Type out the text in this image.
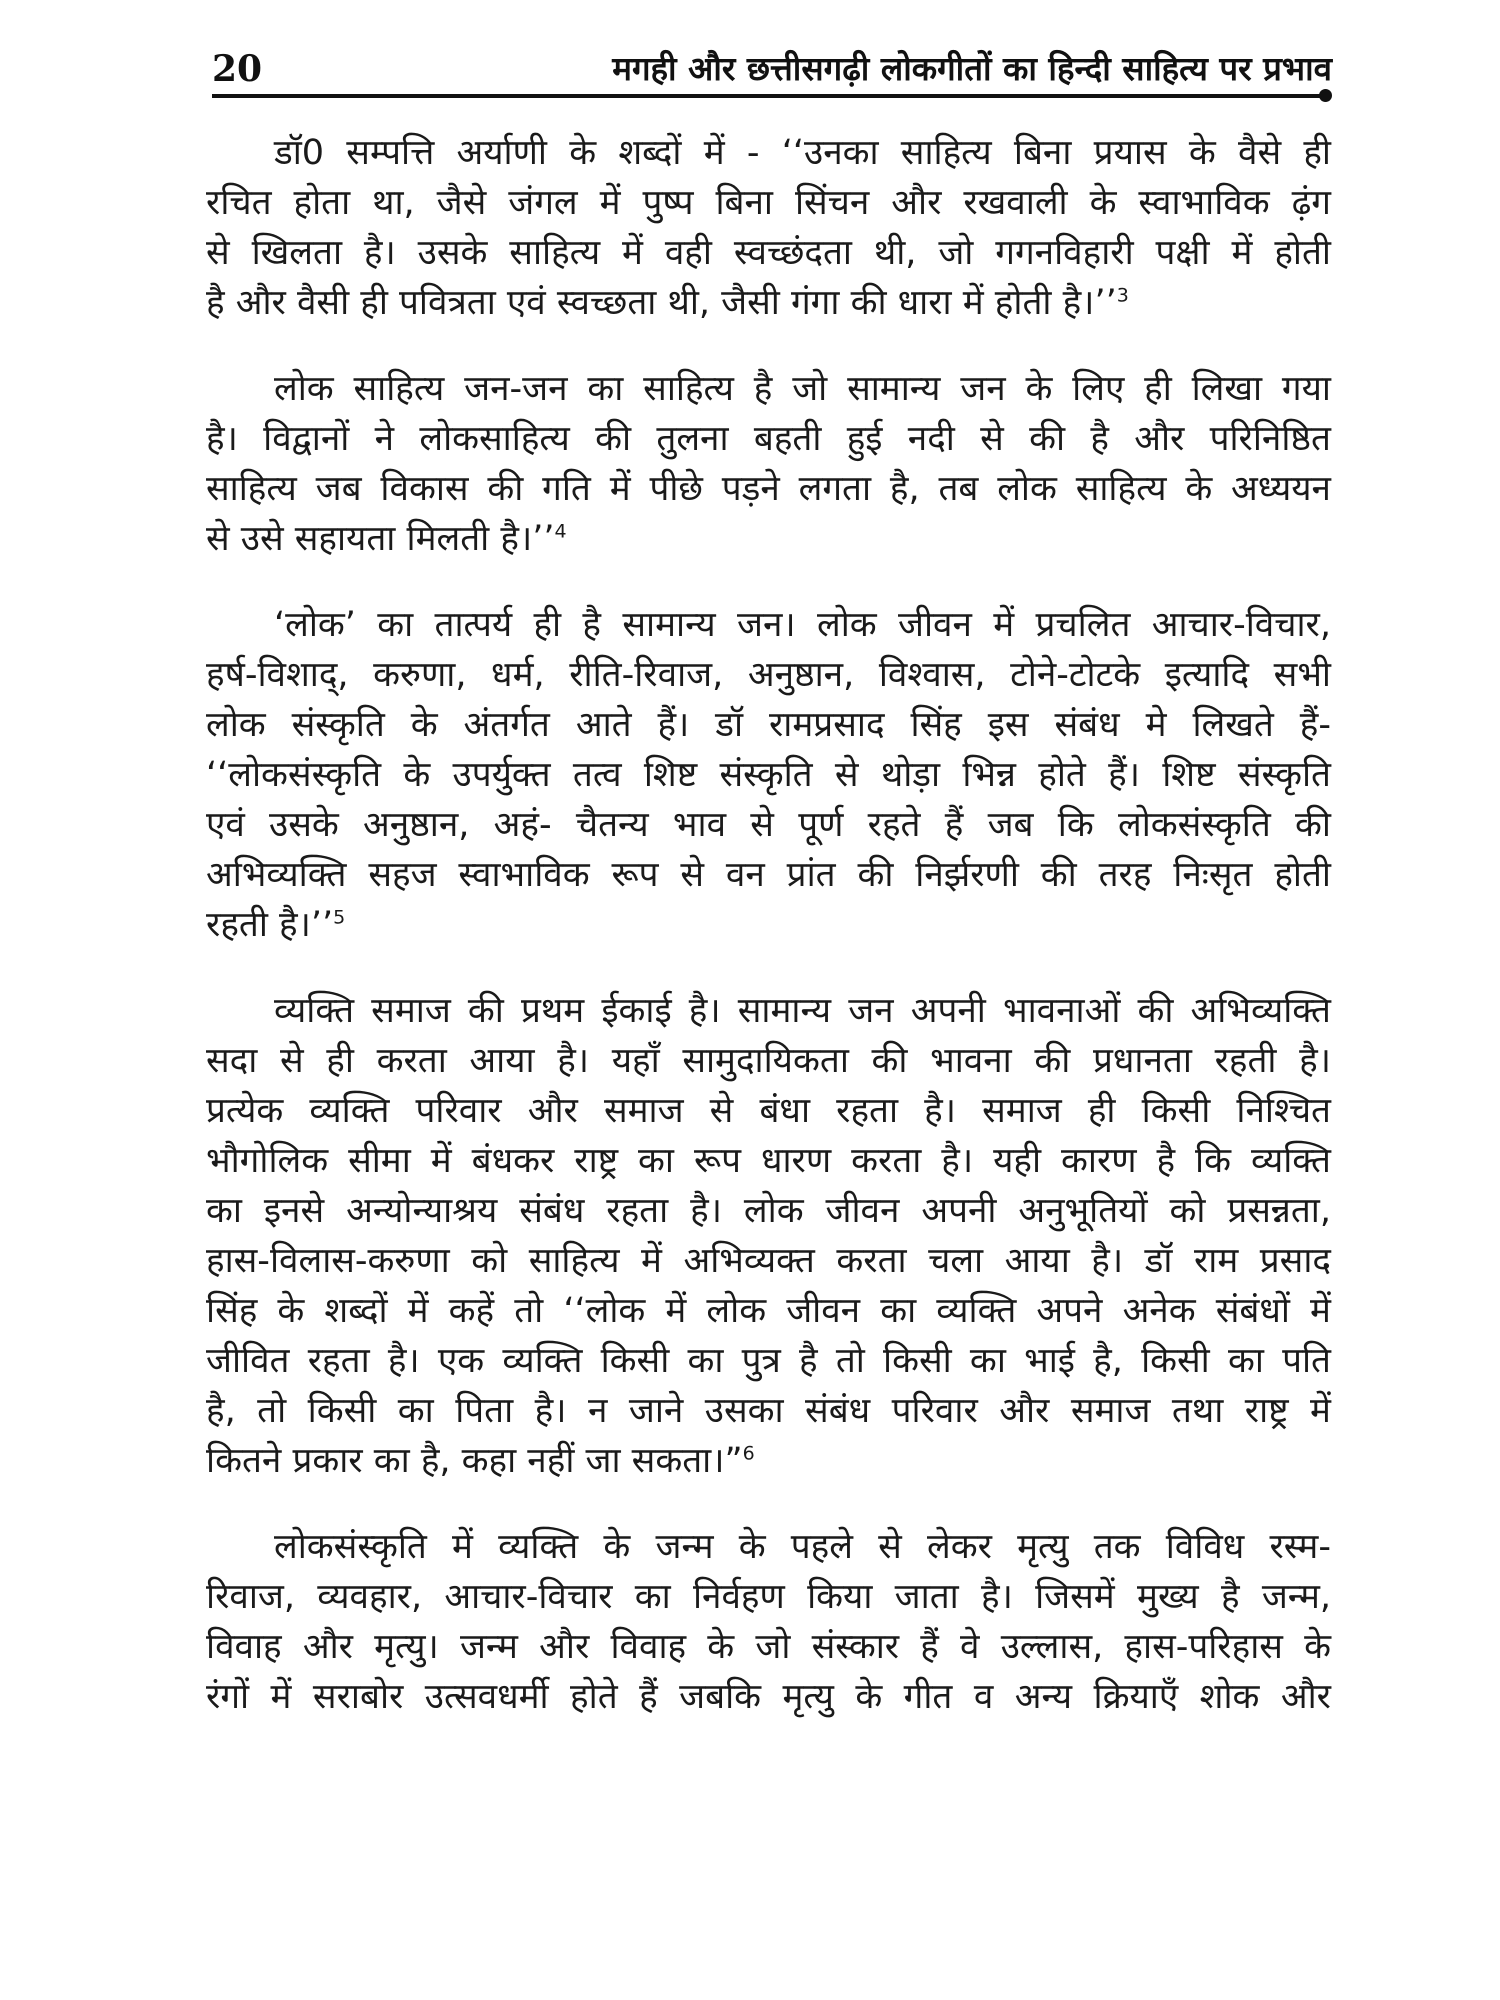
20	मगही और छत्तीसगढ़ी लोकगीतों का हिन्दी साहित्य पर प्रभाव
डॉ0 सम्पत्ति अर्याणी के शब्दों में - ‘‘उनका साहित्य बिना प्रयास के वैसे ही
रचित होता था, जैसे जंगल में पुष्प बिना सिंचन और रखवाली के स्वाभाविक ढ़ंग
से खिलता है। उसके साहित्य में वही स्वच्छंदता थी, जो गगनविहारी पक्षी में होती
है और वैसी ही पवित्रता एवं स्वच्छता थी, जैसी गंगा की धारा में होती है।’’$^3$
लोक साहित्य जन-जन का साहित्य है जो सामान्य जन के लिए ही लिखा गया
है। विद्वानों ने लोकसाहित्य की तुलना बहती हुई नदी से की है और परिनिष्ठित
साहित्य जब विकास की गति में पीछे पड़ने लगता है, तब लोक साहित्य के अध्ययन
से उसे सहायता मिलती है।’’$^4$
‘लोक’ का तात्पर्य ही है सामान्य जन। लोक जीवन में प्रचलित आचार-विचार,
हर्ष-विशाद्, करुणा, धर्म, रीति-रिवाज, अनुष्ठान, विश्वास, टोने-टोटके इत्यादि सभी
लोक संस्कृति के अंतर्गत आते हैं। डॉ रामप्रसाद सिंह इस संबंध मे लिखते हैं-
‘‘लोकसंस्कृति के उपर्युक्त तत्व शिष्ट संस्कृति से थोड़ा भिन्न होते हैं। शिष्ट संस्कृति
एवं उसके अनुष्ठान, अहं- चैतन्य भाव से पूर्ण रहते हैं जब कि लोकसंस्कृति की
अभिव्यक्ति सहज स्वाभाविक रूप से वन प्रांत की निर्झरणी की तरह निःसृत होती
रहती है।’’$^5$
व्यक्ति समाज की प्रथम ईकाई है। सामान्य जन अपनी भावनाओं की अभिव्यक्ति
सदा से ही करता आया है। यहाँ सामुदायिकता की भावना की प्रधानता रहती है।
प्रत्येक व्यक्ति परिवार और समाज से बंधा रहता है। समाज ही किसी निश्चित
भौगोलिक सीमा में बंधकर राष्ट्र का रूप धारण करता है। यही कारण है कि व्यक्ति
का इनसे अन्योन्याश्रय संबंध रहता है। लोक जीवन अपनी अनुभूतियों को प्रसन्नता,
हास-विलास-करुणा को साहित्य में अभिव्यक्त करता चला आया है। डॉ राम प्रसाद
सिंह के शब्दों में कहें तो ‘‘लोक में लोक जीवन का व्यक्ति अपने अनेक संबंधों में
जीवित रहता है। एक व्यक्ति किसी का पुत्र है तो किसी का भाई है, किसी का पति
है, तो किसी का पिता है। न जाने उसका संबंध परिवार और समाज तथा राष्ट्र में
कितने प्रकार का है, कहा नहीं जा सकता।”$^6$
लोकसंस्कृति में व्यक्ति के जन्म के पहले से लेकर मृत्यु तक विविध रस्म-
रिवाज, व्यवहार, आचार-विचार का निर्वहण किया जाता है। जिसमें मुख्य है जन्म,
विवाह और मृत्यु। जन्म और विवाह के जो संस्कार हैं वे उल्लास, हास-परिहास के
रंगों में सराबोर उत्सवधर्मी होते हैं जबकि मृत्यु के गीत व अन्य क्रियाएँ शोक और
